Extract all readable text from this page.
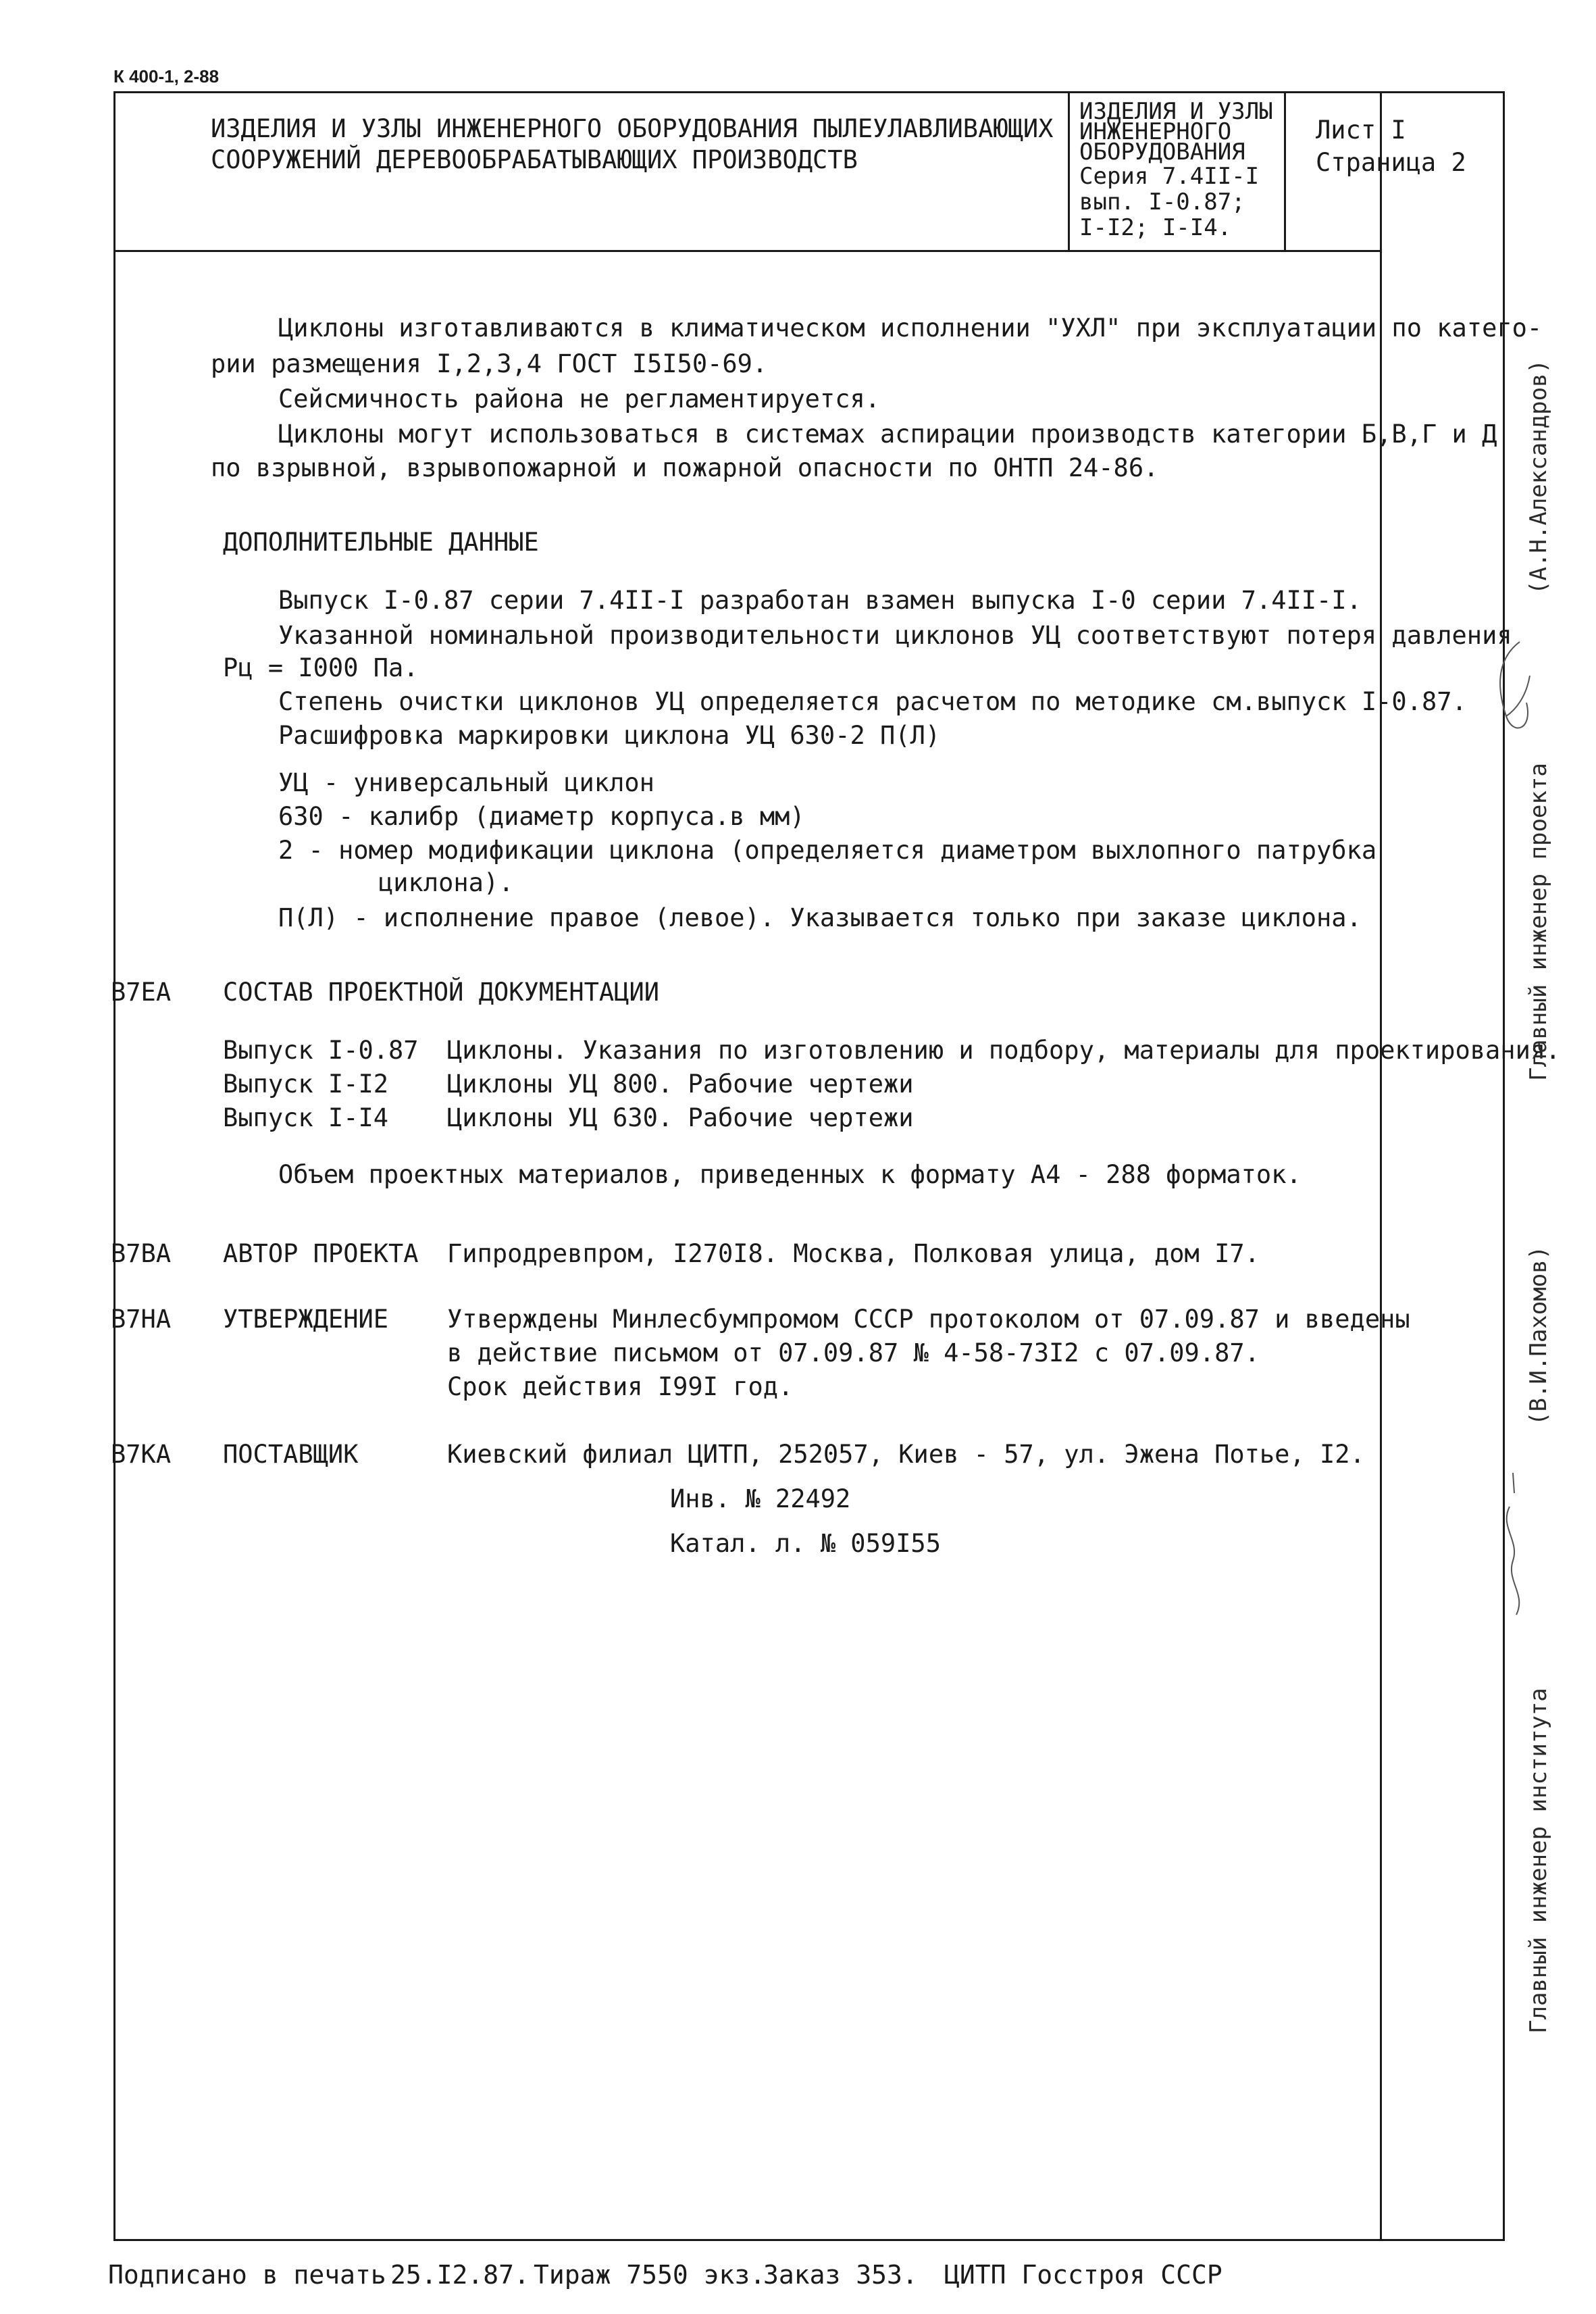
К 400-1, 2-88
ИЗДЕЛИЯ И УЗЛЫ ИНЖЕНЕРНОГО ОБОРУДОВАНИЯ ПЫЛЕУЛАВЛИВАЮЩИХ
СООРУЖЕНИЙ ДЕРЕВООБРАБАТЫВАЮЩИХ ПРОИЗВОДСТВ
ИЗДЕЛИЯ И УЗЛЫ
ИНЖЕНЕРНОГО
ОБОРУДОВАНИЯ
Серия 7.4II-I
вып. I-0.87;
I-I2; I-I4.
Лист I
Страница 2
Циклоны изготавливаются в климатическом исполнении "УХЛ" при эксплуатации по катего-
рии размещения I,2,3,4 ГОСТ I5I50-69.
Сейсмичность района не регламентируется.
Циклоны могут использоваться в системах аспирации производств категории Б,В,Г и Д
по взрывной, взрывопожарной и пожарной опасности по ОНТП 24-86.
ДОПОЛНИТЕЛЬНЫЕ ДАННЫЕ
Выпуск I-0.87 серии 7.4II-I разработан взамен выпуска I-0 серии 7.4II-I.
Указанной номинальной производительности циклонов УЦ соответствуют потеря давления
Рц = I000 Па.
Степень очистки циклонов УЦ определяется расчетом по методике см.выпуск I-0.87.
Расшифровка маркировки циклона УЦ 630-2 П(Л)
УЦ - универсальный циклон
630 - калибр (диаметр корпуса.в мм)
2 - номер модификации циклона (определяется диаметром выхлопного патрубка
циклона).
П(Л) - исполнение правое (левое). Указывается только при заказе циклона.
В7ЕА СОСТАВ ПРОЕКТНОЙ ДОКУМЕНТАЦИИ
Выпуск I-0.87 Циклоны. Указания по изготовлению и подбору, материалы для проектирования.
Выпуск I-I2 Циклоны УЦ 800. Рабочие чертежи
Выпуск I-I4 Циклоны УЦ 630. Рабочие чертежи
Объем проектных материалов, приведенных к формату А4 - 288 форматок.
В7ВА АВТОР ПРОЕКТА Гипродревпром, I270I8. Москва, Полковая улица, дом I7.
В7НА УТВЕРЖДЕНИЕ Утверждены Минлесбумпромом СССР протоколом от 07.09.87 и введены
в действие письмом от 07.09.87 № 4-58-73I2 с 07.09.87.
Срок действия I99I год.
В7КА ПОСТАВЩИК	Киевский филиал ЦИТП, 252057, Киев - 57, ул. Эжена Потье, I2.
Инв. № 22492
Катал. л. № 059I55
Главный инженер проекта
(А.Н.Александров)
Главный инженер института
(В.И.Пахомов)
Подписано в печать 25.I2.87. Тираж 7550 экз.
Заказ 353. ЦИТП Госстроя СССР
